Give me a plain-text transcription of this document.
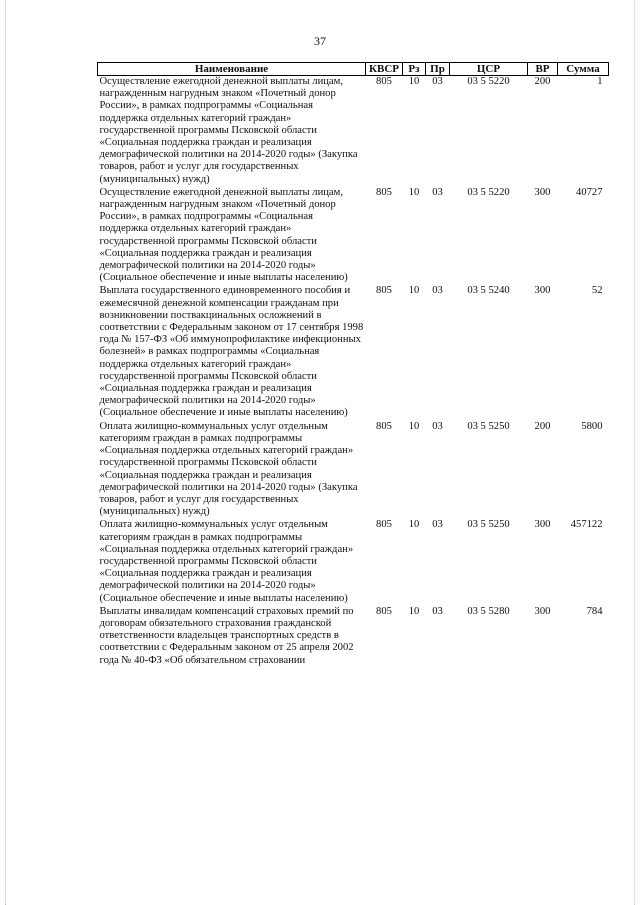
37
Наименование	КВСР	Рз	Пр	ЦСР	ВР	Сумма
Осуществление ежегодной денежной выплаты лицам, награжденным нагрудным знаком «Почетный донор России», в рамках подпрограммы «Социальная поддержка отдельных категорий граждан» государственной программы Псковской области «Социальная поддержка граждан и реализация демографической политики на 2014-2020 годы» (Закупка товаров, работ и услуг для государственных (муниципальных) нужд)	805	10	03	03 5 5220	200	1
Осуществление ежегодной денежной выплаты лицам, награжденным нагрудным знаком «Почетный донор России», в рамках подпрограммы «Социальная поддержка отдельных категорий граждан» государственной программы Псковской области «Социальная поддержка граждан и реализация демографической политики на 2014-2020 годы» (Социальное обеспечение и иные выплаты населению)	805	10	03	03 5 5220	300	40727
Выплата государственного единовременного пособия и ежемесячной денежной компенсации гражданам при возникновении поствакцинальных осложнений в соответствии с Федеральным законом от 17 сентября 1998 года № 157-ФЗ «Об иммунопрофилактике инфекционных болезней» в рамках подпрограммы «Социальная поддержка отдельных категорий граждан» государственной программы Псковской области «Социальная поддержка граждан и реализация демографической политики на 2014-2020 годы» (Социальное обеспечение и иные выплаты населению)	805	10	03	03 5 5240	300	52
Оплата жилищно-коммунальных услуг отдельным категориям граждан в рамках подпрограммы «Социальная поддержка отдельных категорий граждан» государственной программы Псковской области «Социальная поддержка граждан и реализация демографической политики на 2014-2020 годы» (Закупка товаров, работ и услуг для государственных (муниципальных) нужд)	805	10	03	03 5 5250	200	5800
Оплата жилищно-коммунальных услуг отдельным категориям граждан в рамках подпрограммы «Социальная поддержка отдельных категорий граждан» государственной программы Псковской области «Социальная поддержка граждан и реализация демографической политики на 2014-2020 годы» (Социальное обеспечение и иные выплаты населению)	805	10	03	03 5 5250	300	457122
Выплаты инвалидам компенсаций страховых премий по договорам обязательного страхования гражданской ответственности владельцев транспортных средств в соответствии с Федеральным законом от 25 апреля 2002 года № 40-ФЗ «Об обязательном страховании	805	10	03	03 5 5280	300	784
